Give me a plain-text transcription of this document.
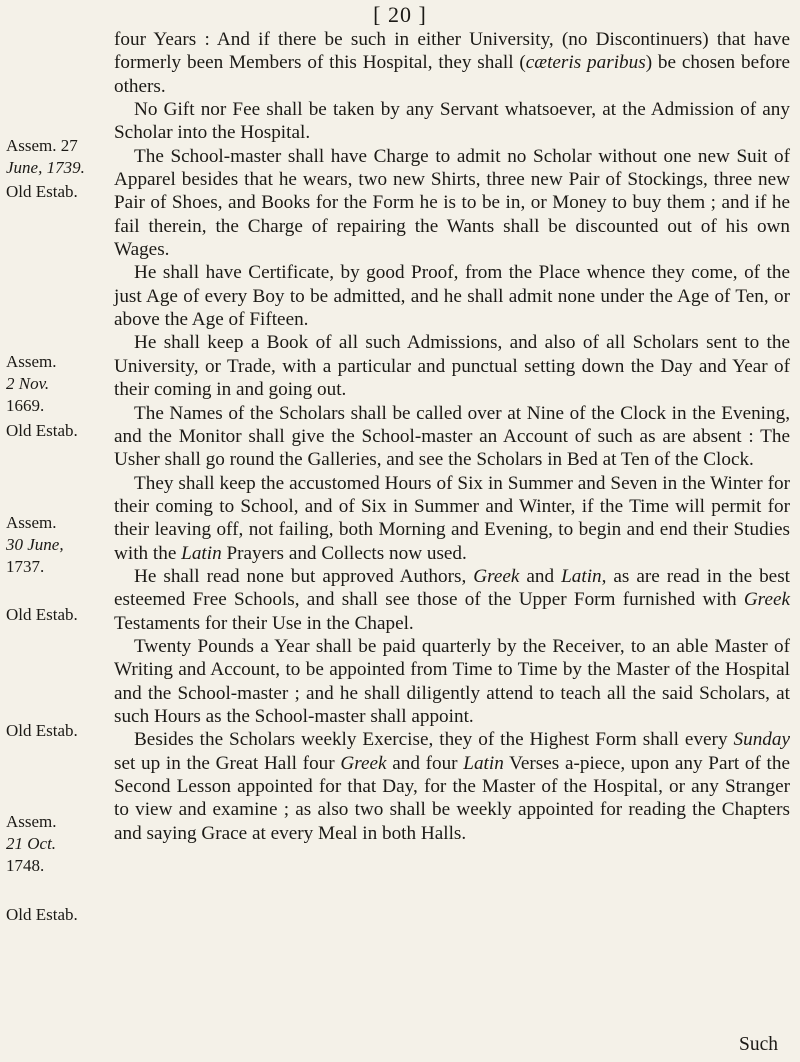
[ 20 ]
Assem. 27
June, 1739.
Old Estab.
Assem.
2 Nov.
1669.
Old Estab.
Assem.
30 June,
1737.
Old Estab.
Old Estab.
Assem.
21 Oct.
1748.
Old Estab.

four Years : And if there be such in either University, (no Discontinuers) that have formerly been Members of this Hospital, they shall (cæteris paribus) be chosen before others.

No Gift nor Fee shall be taken by any Servant whatsoever, at the Admission of any Scholar into the Hospital.

The School-master shall have Charge to admit no Scholar without one new Suit of Apparel besides that he wears, two new Shirts, three new Pair of Stockings, three new Pair of Shoes, and Books for the Form he is to be in, or Money to buy them ; and if he fail therein, the Charge of repairing the Wants shall be discounted out of his own Wages.

He shall have Certificate, by good Proof, from the Place whence they come, of the just Age of every Boy to be admitted, and he shall admit none under the Age of Ten, or above the Age of Fifteen.

He shall keep a Book of all such Admissions, and also of all Scholars sent to the University, or Trade, with a particular and punctual setting down the Day and Year of their coming in and going out.

The Names of the Scholars shall be called over at Nine of the Clock in the Evening, and the Monitor shall give the School-master an Account of such as are absent : The Usher shall go round the Galleries, and see the Scholars in Bed at Ten of the Clock.

They shall keep the accustomed Hours of Six in Summer and Seven in the Winter for their coming to School, and of Six in Summer and Winter, if the Time will permit for their leaving off, not failing, both Morning and Evening, to begin and end their Studies with the Latin Prayers and Collects now used.

He shall read none but approved Authors, Greek and Latin, as are read in the best esteemed Free Schools, and shall see those of the Upper Form furnished with Greek Testaments for their Use in the Chapel.

Twenty Pounds a Year shall be paid quarterly by the Receiver, to an able Master of Writing and Account, to be appointed from Time to Time by the Master of the Hospital and the School-master ; and he shall diligently attend to teach all the said Scholars, at such Hours as the School-master shall appoint.

Besides the Scholars weekly Exercise, they of the Highest Form shall every Sunday set up in the Great Hall four Greek and four Latin Verses a-piece, upon any Part of the Second Lesson appointed for that Day, for the Master of the Hospital, or any Stranger to view and examine ; as also two shall be weekly appointed for reading the Chapters and saying Grace at every Meal in both Halls.

Such
